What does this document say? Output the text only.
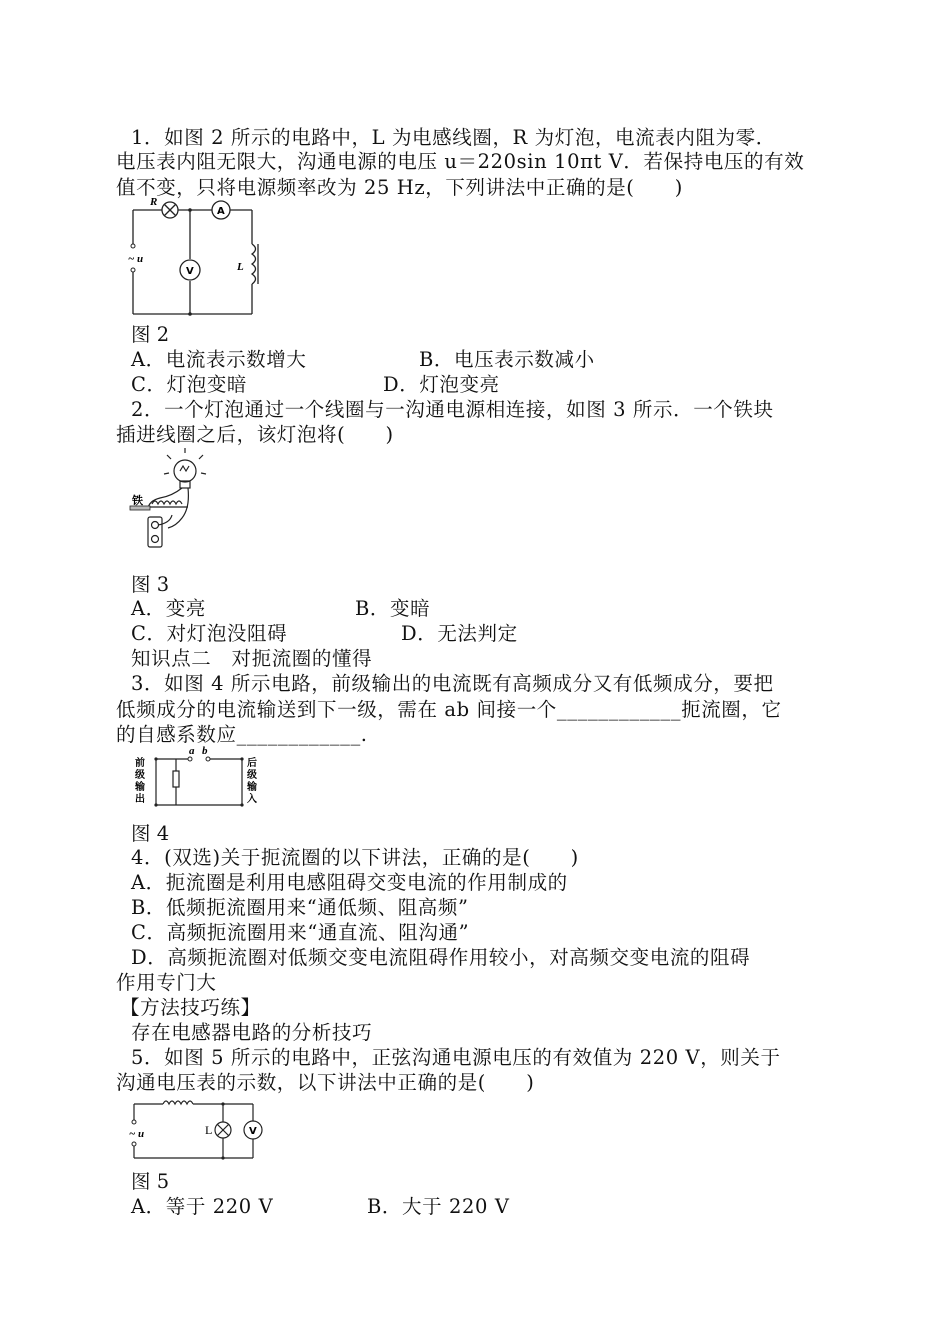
1．如图 2 所示的电路中，L 为电感线圈，R 为灯泡，电流表内阻为零．
电压表内阻无限大，沟通电源的电压 u＝220sin 10πt V．若保持电压的有效
值不变，只将电源频率改为 25 Hz，下列讲法中正确的是(　　)
R
A
V	L
~ u
图 2
A．电流表示数增大	B．电压表示数减小
C．灯泡变暗	D．灯泡变亮
2．一个灯泡通过一个线圈与一沟通电源相连接，如图 3 所示．一个铁块
插进线圈之后，该灯泡将(　　)
铁
图 3
A．变亮	B．变暗
C．对灯泡没阻碍	D．无法判定
知识点二　对扼流圈的懂得
3．如图 4 所示电路，前级输出的电流既有高频成分又有低频成分，要把
低频成分的电流输送到下一级，需在 ab 间接一个____________扼流圈，它
的自感系数应____________.
a b
前级输出
后级输入
图 4
4．(双选)关于扼流圈的以下讲法，正确的是(　　)
A．扼流圈是利用电感阻碍交变电流的作用制成的
B．低频扼流圈用来“通低频、阻高频”
C．高频扼流圈用来“通直流、阻沟通”
D．高频扼流圈对低频交变电流阻碍作用较小，对高频交变电流的阻碍
作用专门大
【方法技巧练】
存在电感器电路的分析技巧
5．如图 5 所示的电路中，正弦沟通电源电压的有效值为 220 V，则关于
沟通电压表的示数，以下讲法中正确的是(　　)
L	V
~ u
图 5
A．等于 220 V	B．大于 220 V
